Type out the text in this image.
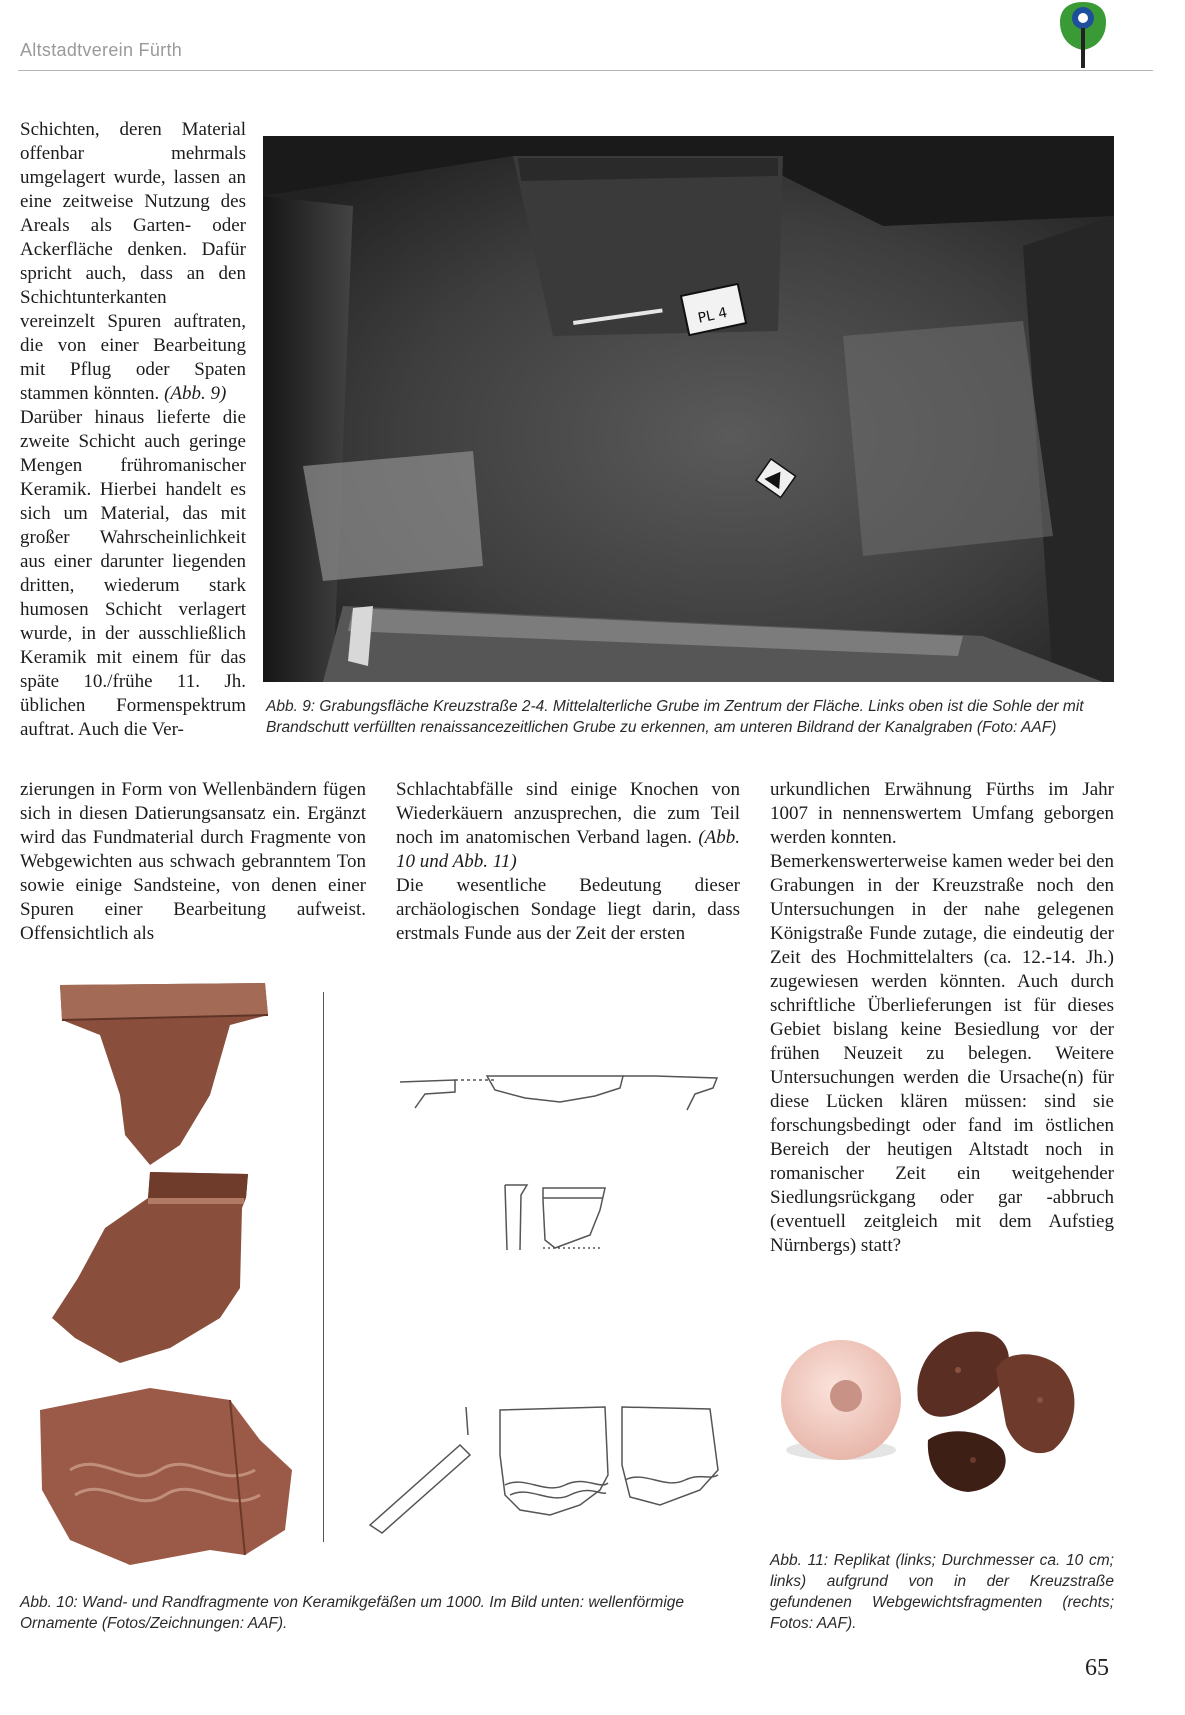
Altstadtverein Fürth

Schichten, deren Material offenbar mehrmals umgelagert wurde, lassen an eine zeitweise Nutzung des Areals als Garten- oder Ackerfläche denken. Dafür spricht auch, dass an den Schichtunterkanten vereinzelt Spuren auftraten, die von einer Bearbeitung mit Pflug oder Spaten stammen könnten. (Abb. 9)

Darüber hinaus lieferte die zweite Schicht auch geringe Mengen frühromanischer Keramik. Hierbei handelt es sich um Material, das mit großer Wahrscheinlichkeit aus einer darunter liegenden dritten, wiederum stark humosen Schicht verlagert wurde, in der ausschließlich Keramik mit einem für das späte 10./frühe 11. Jh. üblichen Formenspektrum auftrat. Auch die Ver-

PL 4
Abb. 9: Grabungsfläche Kreuzstraße 2-4. Mittelalterliche Grube im Zentrum der Fläche. Links oben ist die Sohle der mit Brandschutt verfüllten renaissancezeitlichen Grube zu erkennen, am unteren Bildrand der Kanalgraben (Foto: AAF)

zierungen in Form von Wellenbändern fügen sich in diesen Datierungsansatz ein. Ergänzt wird das Fundmaterial durch Fragmente von Webgewichten aus schwach gebranntem Ton sowie einige Sandsteine, von denen einer Spuren einer Bearbeitung aufweist. Offensichtlich als

Schlachtabfälle sind einige Knochen von Wiederkäuern anzusprechen, die zum Teil noch im anatomischen Verband lagen. (Abb. 10 und Abb. 11)

Die wesentliche Bedeutung dieser archäologischen Sondage liegt darin, dass erstmals Funde aus der Zeit der ersten

urkundlichen Erwähnung Fürths im Jahr 1007 in nennenswertem Umfang geborgen werden konnten.

Bemerkenswerterweise kamen weder bei den Grabungen in der Kreuzstraße noch den Untersuchungen in der nahe gelegenen Königstraße Funde zutage, die eindeutig der Zeit des Hochmittelalters (ca. 12.-14. Jh.) zugewiesen werden könnten. Auch durch schriftliche Überlieferungen ist für dieses Gebiet bislang keine Besiedlung vor der frühen Neuzeit zu belegen. Weitere Untersuchungen werden die Ursache(n) für diese Lücken klären müssen: sind sie forschungsbedingt oder fand im östlichen Bereich der heutigen Altstadt noch in romanischer Zeit ein weitgehender Siedlungsrückgang oder gar -abbruch (eventuell zeitgleich mit dem Aufstieg Nürnbergs) statt?

Abb. 10: Wand- und Randfragmente von Keramikgefäßen um 1000. Im Bild unten: wellenförmige Ornamente (Fotos/Zeichnungen: AAF).
Abb. 11: Replikat (links; Durchmesser ca. 10 cm; links) aufgrund von in der Kreuzstraße gefundenen Webgewichtsfragmenten (rechts; Fotos: AAF).
65
